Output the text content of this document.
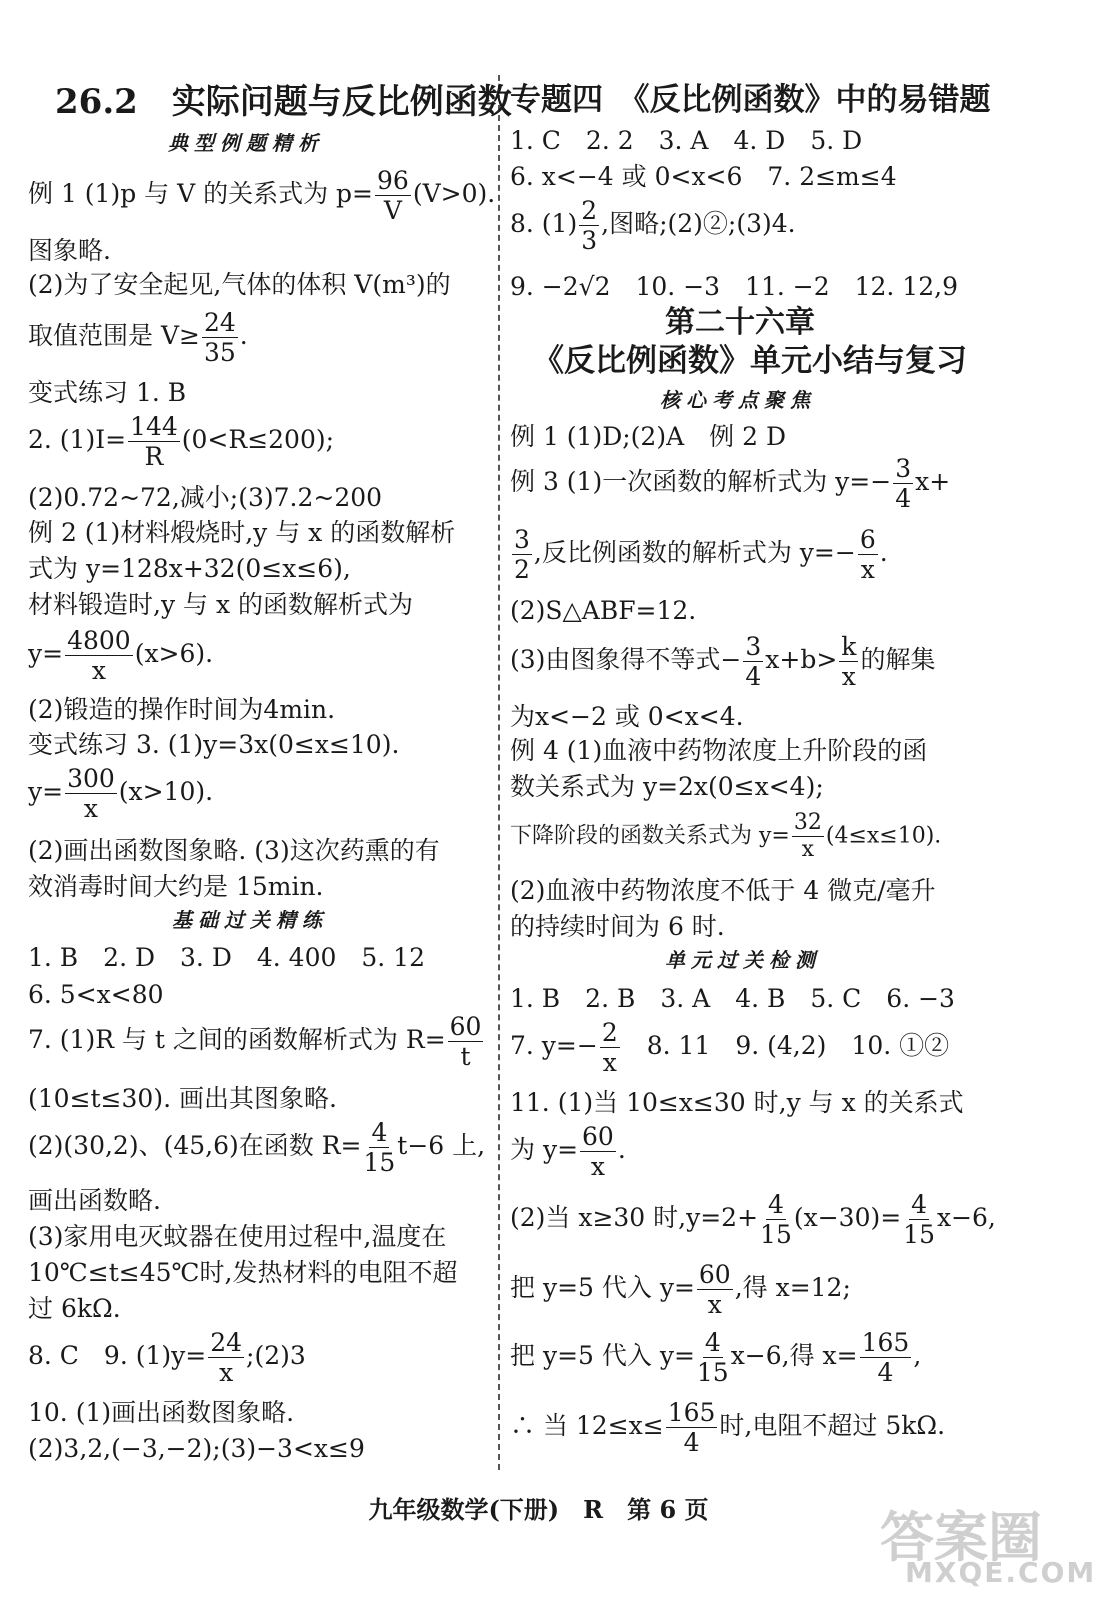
26.2　实际问题与反比例函数
典型例题精析
例 1 (1)p 与 V 的关系式为 $p= \frac{96}{V} (V>0)$.
图象略.
(2)为了安全起见,气体的体积 V(m³)的
取值范围是 $V\ge \frac{24}{35}$ .
变式练习 1. B
2. $(1)I= \frac{144}{R} (0<R\le 200)$;
(2)0.72~72,减小;(3)7.2~200
例 2 (1)材料煅烧时,y 与 x 的函数解析
式为 y=128x+32(0≤x≤6),
材料锻造时,y 与 x 的函数解析式为
$y= \frac{4800}{x} (x>6)$.
(2)锻造的操作时间为4min.
变式练习 3. (1)y=3x(0≤x≤10).
$y= \frac{300}{x} (x>10)$.
(2)画出函数图象略. (3)这次药熏的有
效消毒时间大约是 15min.
基础过关精练
1. B　2. D　3. D　4. 400　5. 12
6. 5<x<80
7. (1)R 与 t 之间的函数解析式为 $R= \frac{60}{t}$
(10≤t≤30). 画出其图象略.
(2)(30,2)、(45,6)在函数 $R= \frac{4}{15} t-6$ 上,
画出函数略.
(3)家用电灭蚊器在使用过程中,温度在
10℃≤t≤45℃时,发热材料的电阻不超
过 6kΩ.
8. C　9. $(1)y= \frac{24}{x}$ ;(2)3
10. (1)画出函数图象略.
(2)3,2,(−3,−2);(3)−3<x≤9
专题四　《反比例函数》中的易错题
1. C　2. 2　3. A　4. D　5. D
6. x<−4 或 0<x<6　7. 2≤m≤4
8. $(1) \frac{2}{3}$ ,图略;(2)②;(3)4.
9. −2√2　10. −3　11. −2　12. 12,9
第二十六章
《反比例函数》单元小结与复习
核心考点聚焦
例 1 (1)D;(2)A　例 2 D
例 3 (1)一次函数的解析式为 $y=- \frac{3}{4} x+$
$\frac{3}{2}$ ,反比例函数的解析式为 $y=- \frac{6}{x}$ .
(2)S△ABF=12.
(3)由图象得不等式− $\frac{3}{4} x+b> \frac{k}{x}$ 的解集
为x<−2 或 0<x<4.
例 4 (1)血液中药物浓度上升阶段的函
数关系式为 y=2x(0≤x<4);
下降阶段的函数关系式为 $y= \frac{32}{x} (4\le x\le 10)$.
(2)血液中药物浓度不低于 4 微克/毫升
的持续时间为 6 时.
单元过关检测
1. B　2. B　3. A　4. B　5. C　6. −3
7. $y=- \frac{2}{x}$ 　8. 11　9. (4,2)　10. ①②
11. (1)当 10≤x≤30 时,y 与 x 的关系式
为 $y= \frac{60}{x}$ .
(2)当 x≥30 时$,y=2+ \frac{4}{15} (x-30)= \frac{4}{15} x-6$,
把 y=5 代入 $y= \frac{60}{x}$ ,得 x=12;
把 y=5 代入 $y= \frac{4}{15} x-6$,得 $x= \frac{165}{4}$ ,
∴ 当 $12\le x\le \frac{165}{4}$ 时,电阻不超过 5kΩ.
九年级数学(下册)　R　第 6 页	答案圈
MXQE.COM
